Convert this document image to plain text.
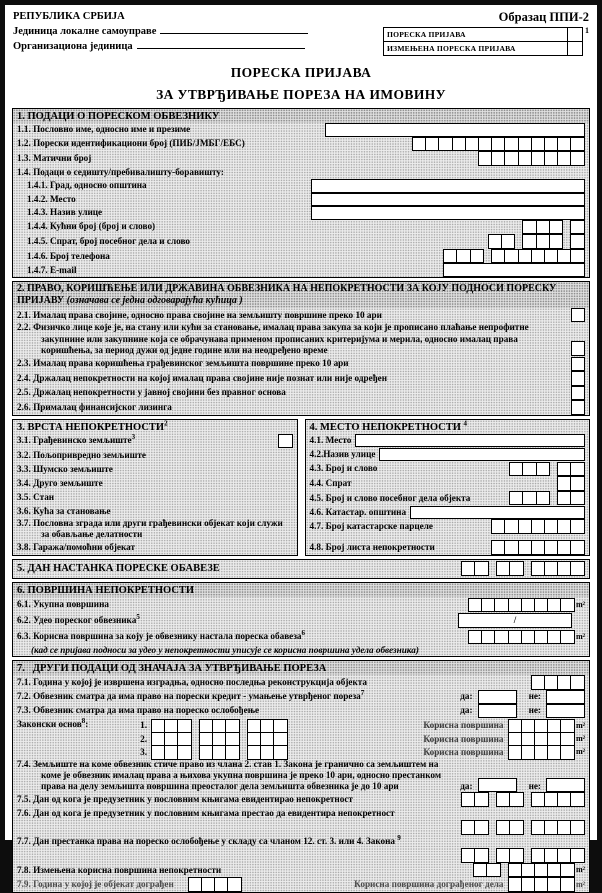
РЕПУБЛИКА СРБИЈА
Јединица локалне самоуправе
Организациона јединица
Образац ППИ-2
ПОРЕСКА ПРИЈАВА
ИЗМЕЊЕНА ПОРЕСКА ПРИЈАВА
1
ПОРЕСКА ПРИЈАВА
ЗА УТВРЂИВАЊЕ ПОРЕЗА НА ИМОВИНУ
1. ПОДАЦИ О ПОРЕСКОМ ОБВЕЗНИКУ
1.1. Пословно име, односно име и презиме
1.2. Порески идентификациони број (ПИБ/ЈМБГ/ЕБС)
1.3. Матични број
1.4. Подаци о седишту/пребивалишту-боравишту:
1.4.1. Град, односно општина
1.4.2. Место
1.4.3. Назив улице
1.4.4. Кућни број (број и слово)
1.4.5. Спрат, број посебног дела и слово
1.4.6. Број телефона
1.4.7. E-mail
2. ПРАВО, КОРИШЋЕЊЕ ИЛИ ДРЖАВИНА ОБВЕЗНИКА НА НЕПОКРЕТНОСТИ ЗА КОЈУ ПОДНОСИ ПОРЕСКУ ПРИЈАВУ (означава се једна одговарајућа кућица )
2.1. Ималац права својине, односно права својине на земљишту површине преко 10 ари
2.2. Физичко лице које је, на стану или кући за становање, ималац права закупа за који је прописано плаћање непрофитне закупнине или закупнине која се обрачунава применом прописаних критеријума и мерила, односно ималац права коришћења, за период дужи од једне године или на неодређено време
2.3. Ималац права коришћења грађевинског земљишта површине преко 10 ари
2.4. Држалац непокретности на којој ималац права својине није познат или није одређен
2.5. Држалац непокретности у јавној својини без правног основа
2.6. Прималац финансијског лизинга
3. ВРСТА НЕПОКРЕТНОСТИ$^2$
3.1. Грађевинско земљиште$^3$
3.2. Пољопривредно земљиште
3.3. Шумско земљиште
3.4. Друго земљиште
3.5. Стан
3.6. Кућа за становање
3.7. Пословна зграда или други грађевински објекат који служи за обављање делатности
3.8. Гаража/помоћни објекат
4. МЕСТО НЕПОКРЕТНОСТИ $^4$
4.1. Место
4.2.Назив улице
4.3. Број и слово
4.4. Спрат
4.5. Број и слово посебног дела објекта
4.6. Катастар. општина
4.7. Број катастарске парцеле
4.8. Број листа непокретности
5. ДАН НАСТАНКА ПОРЕСКЕ ОБАВЕЗЕ
6. ПОВРШИНА НЕПОКРЕТНОСТИ
6.1. Укупна површина	m²
6.2. Удео пореског обвезника$^5$	/
6.3. Корисна површина за коју је обвезнику настала пореска обавеза$^6$	m²
(кад се пријава подноси за удео у непокретности уписује се корисна површина удела обвезника)
7.   ДРУГИ ПОДАЦИ ОД ЗНАЧАЈА ЗА УТВРЂИВАЊЕ ПОРЕЗА
7.1. Година у којој је извршена изградња, односно последња реконструкција објекта
7.2. Обвезник сматра да има право на порески кредит - умањење утврђеног пореза$^7$	да:	не:
7.3. Обвезник сматра да има право на пореско ослобођење	да:	не:
Законски основ$^8$:	1.	Корисна површина	m²
2.	Корисна површина	m²
3.	Корисна површина	m²
7.4. Земљиште на коме обвезник стиче право из члана 2. став 1. Закона је гранично са земљиштем на коме је обвезник ималац права а њихова укупна површина је преко 10 ари, односно престанком права на делу земљишта површина преосталог дела земљишта обвезника је до 10 ари	да:	не:
7.5. Дан од кога је предузетник у пословним књигама евидентирао непокретност
7.6. Дан од кога је предузетник у пословним књигама престао да евидентира непокретност
7.7. Дан престанка права на пореско ослобођење у складу са чланом 12. ст. 3. или 4. Закона $^9$
7.8. Измењена корисна површина непокретности	m²
7.9. Година у којој је објекат дограђен	Корисна површина дограђеног дела	m²
